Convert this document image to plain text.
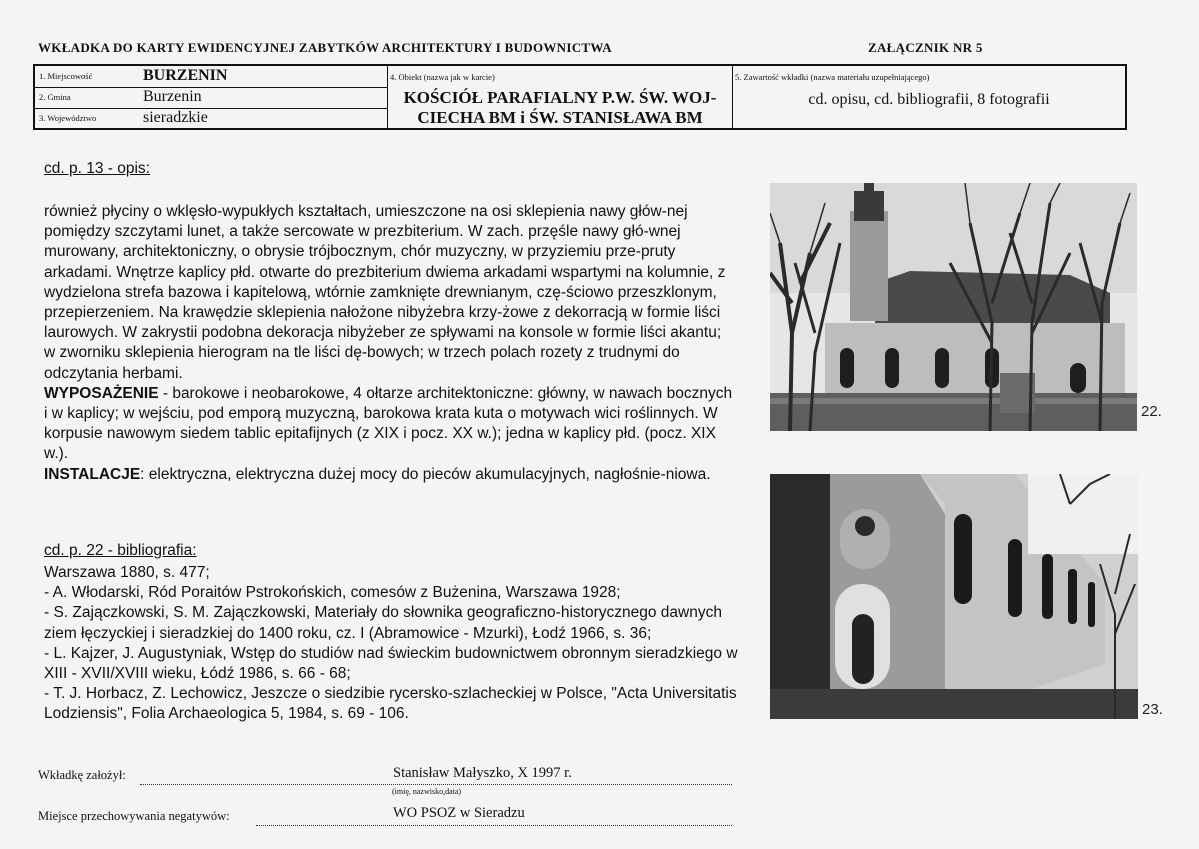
WKŁADKA DO KARTY EWIDENCYJNEJ ZABYTKÓW ARCHITEKTURY I BUDOWNICTWA	ZAŁĄCZNIK NR 5
1. Miejscowość	BURZENIN
2. Gmina	Burzenin
3. Województwo	sieradzkie
4. Obiekt (nazwa jak w karcie)
KOŚCIÓŁ PARAFIALNY P.W. ŚW. WOJ-
CIECHA BM i ŚW. STANISŁAWA BM
5. Zawartość wkładki (nazwa materiału uzupełniającego)
cd. opisu, cd. bibliografii, 8 fotografii
cd. p. 13 - opis:

również płyciny o wklęsło-wypukłych kształtach, umieszczone na osi sklepienia nawy głów-nej pomiędzy szczytami lunet, a także sercowate w prezbiterium. W zach. przęśle nawy głó-wnej murowany, architektoniczny, o obrysie trójbocznym, chór muzyczny, w przyziemiu prze-pruty arkadami. Wnętrze kaplicy płd. otwarte do prezbiterium dwiema arkadami wspartymi na kolumnie, z wydzielona strefa bazowa i kapitelową, wtórnie zamknięte drewnianym, czę-ściowo przeszklonym, przepierzeniem. Na krawędzie sklepienia nałożone nibyżebra krzy-żowe z dekorracją w formie liści laurowych. W zakrystii podobna dekoracja nibyżeber ze spływami na konsole w formie liści akantu; w zworniku sklepienia hierogram na tle liści dę-bowych; w trzech polach rozety z trudnymi do odczytania herbami.

WYPOSAŻENIE - barokowe i neobarokowe, 4 ołtarze architektoniczne: główny, w nawach bocznych i w kaplicy; w wejściu, pod emporą muzyczną, barokowa krata kuta o motywach wici roślinnych. W korpusie nawowym siedem tablic epitafijnych (z XIX i pocz. XX w.); jedna w kaplicy płd. (pocz. XIX w.).

INSTALACJE: elektryczna, elektryczna dużej mocy do pieców akumulacyjnych, nagłośnie-niowa.

cd. p. 22 - bibliografia:
Warszawa 1880, s. 477;
- A. Włodarski, Ród Poraitów Pstrokońskich, comesów z Bużenina, Warszawa 1928;
- S. Zajączkowski, S. M. Zajączkowski, Materiały do słownika geograficzno-historycznego dawnych ziem łęczyckiej i sieradzkiej do 1400 roku, cz. I (Abramowice - Mzurki), Łodź 1966, s. 36;
- L. Kajzer, J. Augustyniak, Wstęp do studiów nad świeckim budownictwem obronnym sieradzkiego w XIII - XVII/XVIII wieku, Łódź 1986, s. 66 - 68;
- T. J. Horbacz, Z. Lechowicz, Jeszcze o siedzibie rycersko-szlacheckiej w Polsce, "Acta Universitatis Lodziensis", Folia Archaeologica 5, 1984, s. 69 - 106.
22.
23.
Wkładkę założył:	Stanisław Małyszko, X 1997 r.
(imię, nazwisko,data)
Miejsce przechowywania negatywów:	WO PSOZ w Sieradzu
